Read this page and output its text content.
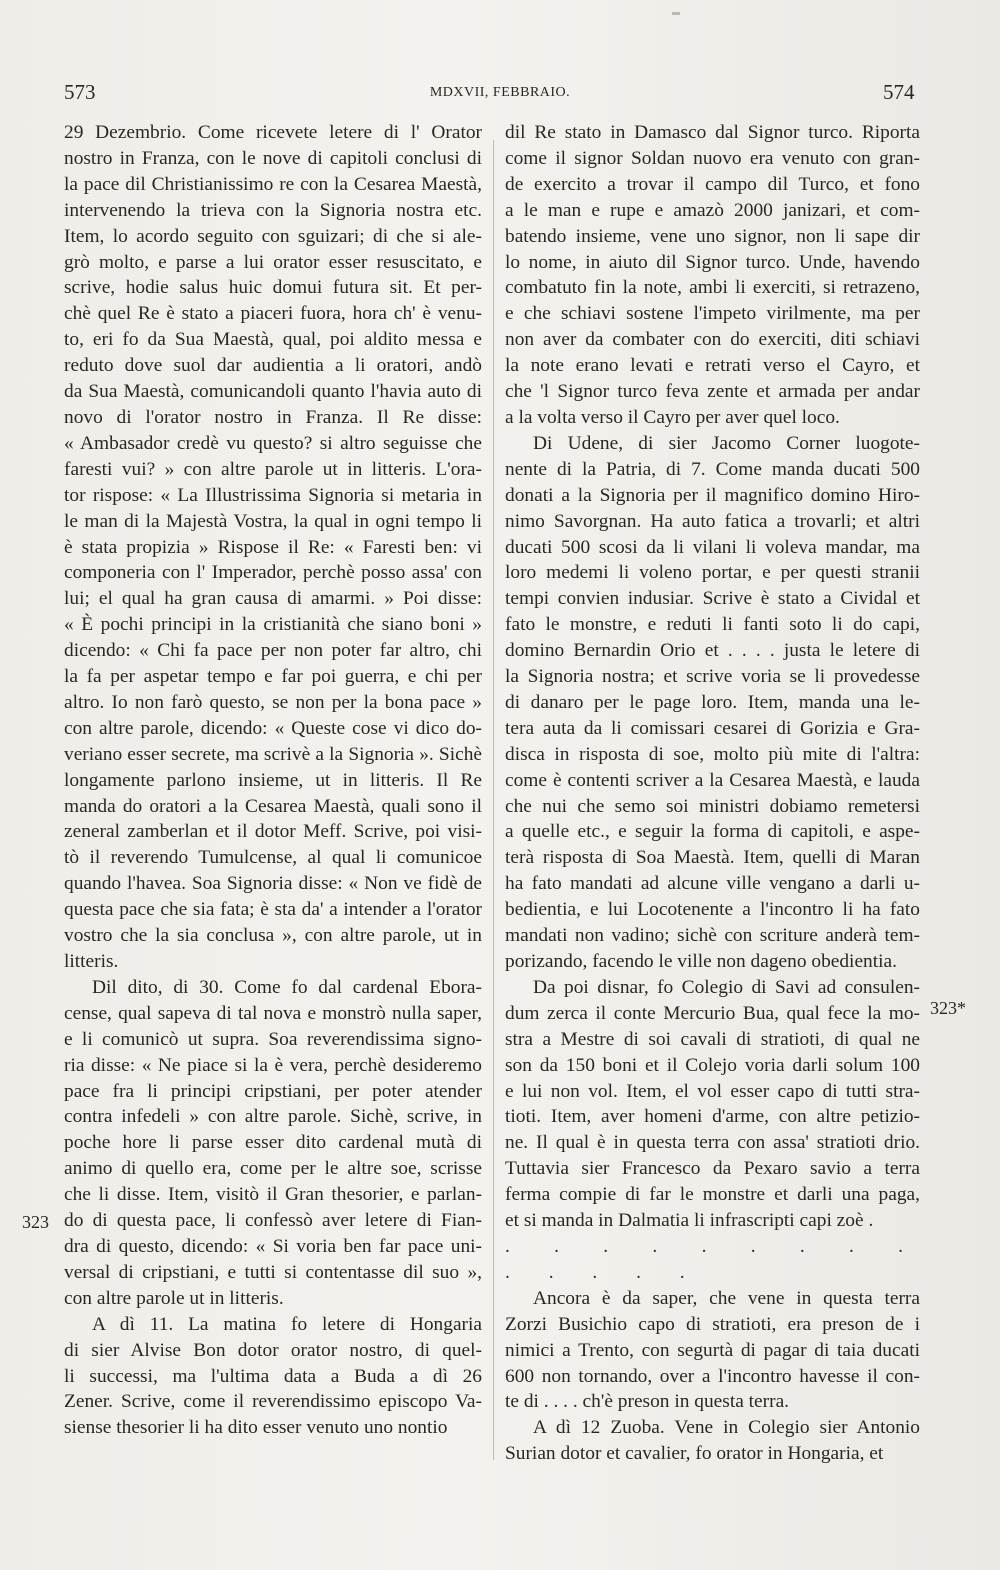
573	MDXVII, FEBBRAIO.	574

29 Dezembrio. Come ricevete letere di l' Orator

nostro in Franza, con le nove di capitoli conclusi di

la pace dil Christianissimo re con la Cesarea Maestà,

intervenendo la trieva con la Signoria nostra etc.

Item, lo acordo seguito con sguizari; di che si ale-

grò molto, e parse a lui orator esser resuscitato, e

scrive, hodie salus huic domui futura sit. Et per-

chè quel Re è stato a piaceri fuora, hora ch' è venu-

to, eri fo da Sua Maestà, qual, poi aldito messa e

reduto dove suol dar audientia a li oratori, andò

da Sua Maestà, comunicandoli quanto l'havia auto di

novo di l'orator nostro in Franza. Il Re disse:

« Ambasador credè vu questo? si altro seguisse che

faresti vui? » con altre parole ut in litteris. L'ora-

tor rispose: « La Illustrissima Signoria si metaria in

le man di la Majestà Vostra, la qual in ogni tempo li

è stata propizia » Rispose il Re: « Faresti ben: vi

componeria con l' Imperador, perchè posso assa' con

lui; el qual ha gran causa di amarmi. » Poi disse:

« È pochi principi in la cristianità che siano boni »

dicendo: « Chi fa pace per non poter far altro, chi

la fa per aspetar tempo e far poi guerra, e chi per

altro. Io non farò questo, se non per la bona pace »

con altre parole, dicendo: « Queste cose vi dico do-

veriano esser secrete, ma scrivè a la Signoria ». Sichè

longamente parlono insieme, ut in litteris. Il Re

manda do oratori a la Cesarea Maestà, quali sono il

zeneral zamberlan et il dotor Meff. Scrive, poi visi-

tò il reverendo Tumulcense, al qual li comunicoe

quando l'havea. Soa Signoria disse: « Non ve fidè de

questa pace che sia fata; è sta da' a intender a l'orator

vostro che la sia conclusa », con altre parole, ut in

litteris.

Dil dito, di 30. Come fo dal cardenal Ebora-

cense, qual sapeva di tal nova e monstrò nulla saper,

e li comunicò ut supra. Soa reverendissima signo-

ria disse: « Ne piace si la è vera, perchè desideremo

pace fra li principi cripstiani, per poter atender

contra infedeli » con altre parole. Sichè, scrive, in

poche hore li parse esser dito cardenal mutà di

animo di quello era, come per le altre soe, scrisse

che li disse. Item, visitò il Gran thesorier, e parlan-

do di questa pace, li confessò aver letere di Fian-

dra di questo, dicendo: « Si voria ben far pace uni-

versal di cripstiani, e tutti si contentasse dil suo »,

con altre parole ut in litteris.

A dì 11. La matina fo letere di Hongaria

di sier Alvise Bon dotor orator nostro, di quel-

li successi, ma l'ultima data a Buda a dì 26

Zener. Scrive, come il reverendissimo episcopo Va-

siense thesorier li ha dito esser venuto uno nontio

dil Re stato in Damasco dal Signor turco. Riporta

come il signor Soldan nuovo era venuto con gran-

de exercito a trovar il campo dil Turco, et fono

a le man e rupe e amazò 2000 janizari, et com-

batendo insieme, vene uno signor, non li sape dir

lo nome, in aiuto dil Signor turco. Unde, havendo

combatuto fin la note, ambi li exerciti, si retrazeno,

e che schiavi sostene l'impeto virilmente, ma per

non aver da combater con do exerciti, diti schiavi

la note erano levati e retrati verso el Cayro, et

che 'l Signor turco feva zente et armada per andar

a la volta verso il Cayro per aver quel loco.

Di Udene, di sier Jacomo Corner luogote-

nente di la Patria, di 7. Come manda ducati 500

donati a la Signoria per il magnifico domino Hiro-

nimo Savorgnan. Ha auto fatica a trovarli; et altri

ducati 500 scosi da li vilani li voleva mandar, ma

loro medemi li voleno portar, e per questi stranii

tempi convien indusiar. Scrive è stato a Cividal et

fato le monstre, e reduti li fanti soto li do capi,

domino Bernardin Orio et . . . . justa le letere di

la Signoria nostra; et scrive voria se li provedesse

di danaro per le page loro. Item, manda una le-

tera auta da li comissari cesarei di Gorizia e Gra-

disca in risposta di soe, molto più mite di l'altra:

come è contenti scriver a la Cesarea Maestà, e lauda

che nui che semo soi ministri dobiamo remetersi

a quelle etc., e seguir la forma di capitoli, e aspe-

terà risposta di Soa Maestà. Item, quelli di Maran

ha fato mandati ad alcune ville vengano a darli u-

bedientia, e lui Locotenente a l'incontro li ha fato

mandati non vadino; sichè con scriture anderà tem-

porizando, facendo le ville non dageno obedientia.

Da poi disnar, fo Colegio di Savi ad consulen-

dum zerca il conte Mercurio Bua, qual fece la mo-

stra a Mestre di soi cavali di stratioti, di qual ne

son da 150 boni et il Colejo voria darli solum 100

e lui non vol. Item, el vol esser capo di tutti stra-

tioti. Item, aver homeni d'arme, con altre petizio-

ne. Il qual è in questa terra con assa' stratioti drio.

Tuttavia sier Francesco da Pexaro savio a terra

ferma compie di far le monstre et darli una paga,

et si manda in Dalmatia li infrascripti capi zoè .

. . . . . . . . . . . . . .

Ancora è da saper, che vene in questa terra

Zorzi Busichio capo di stratioti, era preson de i

nimici a Trento, con segurtà di pagar di taia ducati

600 non tornando, over a l'incontro havesse il con-

te di . . . . ch'è preson in questa terra.

A dì 12 Zuoba. Vene in Colegio sier Antonio

Surian dotor et cavalier, fo orator in Hongaria, et

323
323*
